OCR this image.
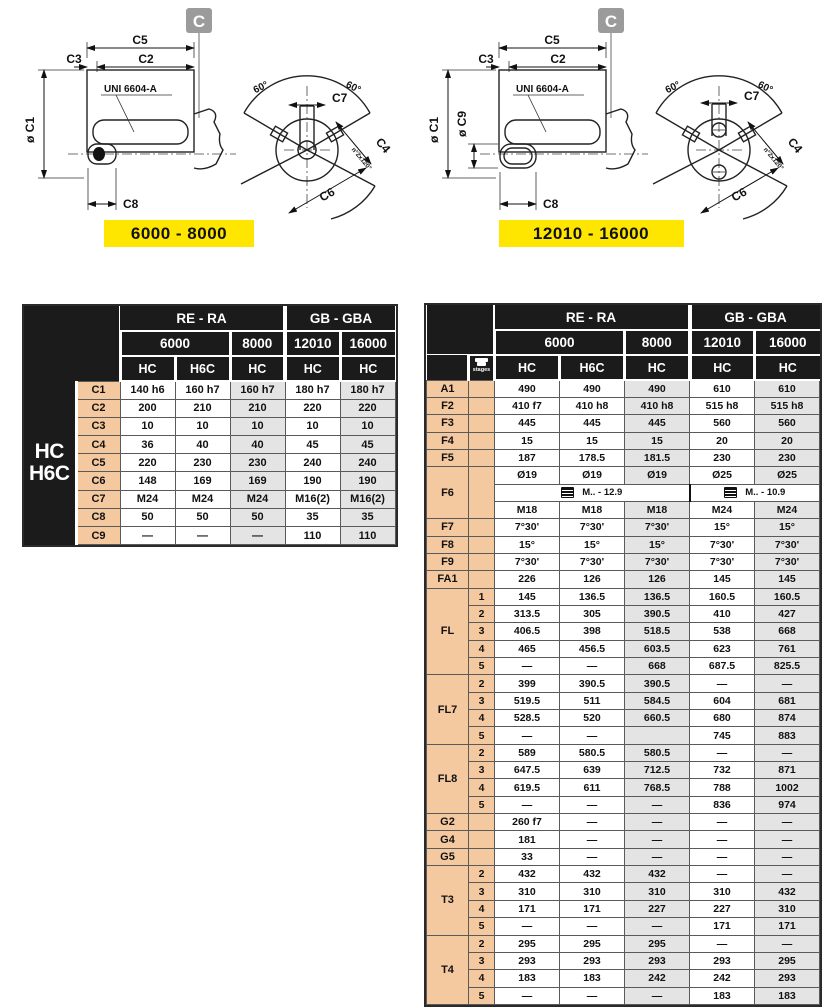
C
C5
C2
C3
UNI 6604-A
ø C1
C8
C7
60°	60°
C4
n°2x120°
C6
6000 - 8000
C
C5
C2
C3
UNI 6604-A
ø C1 ø C9
C8
C7
60°	60°
C4
n°2x120°
C6
12010 - 16000
		RE - RA			GB - GBA	
		6000		8000	12010	16000
		HC	H6C	HC	HC	HC

HC
H6C	C1	140 h6	160 h7	160 h7	180 h7	180 h7
	C2	200	210	210	220	220
	C3	10	10	10	10	10
	C4	36	40	40	45	45
	C5	220	230	230	240	240
	C6	148	169	169	190	190
	C7	M24	M24	M24	M16(2)	M16(2)
	C8	50	50	50	35	35
	C9	—	—	—	110	110
		RE - RA			GB - GBA	
		6000		8000	12010	16000

	stages	HC	H6C	HC	HC	HC
A1		490	490	490	610	610
F2		410 f7	410 h8	410 h8	515 h8	515 h8
F3		445	445	445	560	560
F4		15	15	15	20	20
F5		187	178.5	181.5	230	230
F6		Ø19	Ø19	Ø19	Ø25	Ø25
		M.. - 12.9			M.. - 10.9	
		M18	M18	M18	M24	M24
F7		7°30'	7°30'	7°30'	15°	15°
F8		15°	15°	15°	7°30'	7°30'
F9		7°30'	7°30'	7°30'	7°30'	7°30'
FA1		226	126	126	145	145
FL	1	145	136.5	136.5	160.5	160.5
	2	313.5	305	390.5	410	427
	3	406.5	398	518.5	538	668
	4	465	456.5	603.5	623	761
	5	—	—	668	687.5	825.5
FL7	2	399	390.5	390.5	—	—
	3	519.5	511	584.5	604	681
	4	528.5	520	660.5	680	874
	5	—	—		745	883
FL8	2	589	580.5	580.5	—	—
	3	647.5	639	712.5	732	871
	4	619.5	611	768.5	788	1002
	5	—	—	—	836	974
G2		260 f7	—	—	—	—
G4		181	—	—	—	—
G5		33	—	—	—	—
T3	2	432	432	432	—	—
	3	310	310	310	310	432
	4	171	171	227	227	310
	5	—	—	—	171	171
T4	2	295	295	295	—	—
	3	293	293	293	293	295
	4	183	183	242	242	293
	5	—	—	—	183	183
